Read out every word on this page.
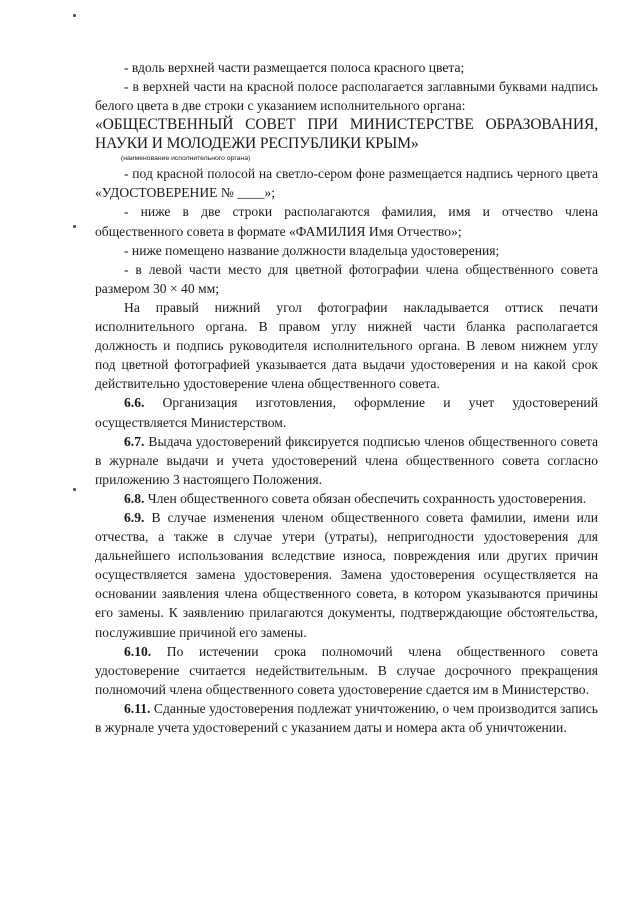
- вдоль верхней части размещается полоса красного цвета;

- в верхней части на красной полосе располагается заглавными буквами надпись белого цвета в две строки с указанием исполнительного органа:

«ОБЩЕСТВЕННЫЙ СОВЕТ ПРИ МИНИСТЕРСТВЕ ОБРАЗОВАНИЯ, НАУКИ И МОЛОДЕЖИ РЕСПУБЛИКИ КРЫМ»

(наименование исполнительного органа)

- под красной полосой на светло-сером фоне размещается надпись черного цвета «УДОСТОВЕРЕНИЕ № ____»;

- ниже в две строки располагаются фамилия, имя и отчество члена общественного совета в формате «ФАМИЛИЯ Имя Отчество»;

- ниже помещено название должности владельца удостоверения;

- в левой части место для цветной фотографии члена общественного совета размером 30 × 40 мм;

На правый нижний угол фотографии накладывается оттиск печати исполнительного органа. В правом углу нижней части бланка располагается должность и подпись руководителя исполнительного органа. В левом нижнем углу под цветной фотографией указывается дата выдачи удостоверения и на какой срок действительно удостоверение члена общественного совета.

6.6. Организация изготовления, оформление и учет удостоверений осуществляется Министерством.

6.7. Выдача удостоверений фиксируется подписью членов общественного совета в журнале выдачи и учета удостоверений члена общественного совета согласно приложению 3 настоящего Положения.

6.8. Член общественного совета обязан обеспечить сохранность удостоверения.

6.9. В случае изменения членом общественного совета фамилии, имени или отчества, а также в случае утери (утраты), непригодности удостоверения для дальнейшего использования вследствие износа, повреждения или других причин осуществляется замена удостоверения. Замена удостоверения осуществляется на основании заявления члена общественного совета, в котором указываются причины его замены. К заявлению прилагаются документы, подтверждающие обстоятельства, послужившие причиной его замены.

6.10. По истечении срока полномочий члена общественного совета удостоверение считается недействительным. В случае досрочного прекращения полномочий члена общественного совета удостоверение сдается им в Министерство.

6.11. Сданные удостоверения подлежат уничтожению, о чем производится запись в журнале учета удостоверений с указанием даты и номера акта об уничтожении.
